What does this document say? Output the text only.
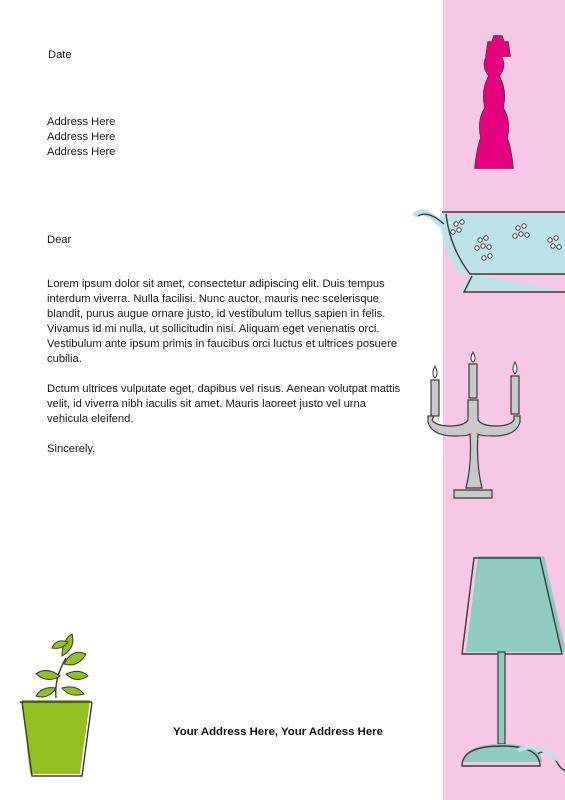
Date
Address Here
Address Here
Address Here
Dear

Lorem ipsum dolor sit amet, consectetur adipiscing elit. Duis tempus interdum viverra. Nulla facilisi. Nunc auctor, mauris nec scelerisque blandit, purus augue ornare justo, id vestibulum tellus sapien in felis. Vivamus id mi nulla, ut sollicitudin nisi. Aliquam eget venenatis orci. Vestibulum ante ipsum primis in faucibus orci luctus et ultrices posuere cubilia.

Dctum ultrices vulputate eget, dapibus vel risus. Aenean volutpat mattis velit, id viverra nibh iaculis sit amet. Mauris laoreet justo vel urna vehicula eleifend.

Sincerely,
Your Address Here, Your Address Here
